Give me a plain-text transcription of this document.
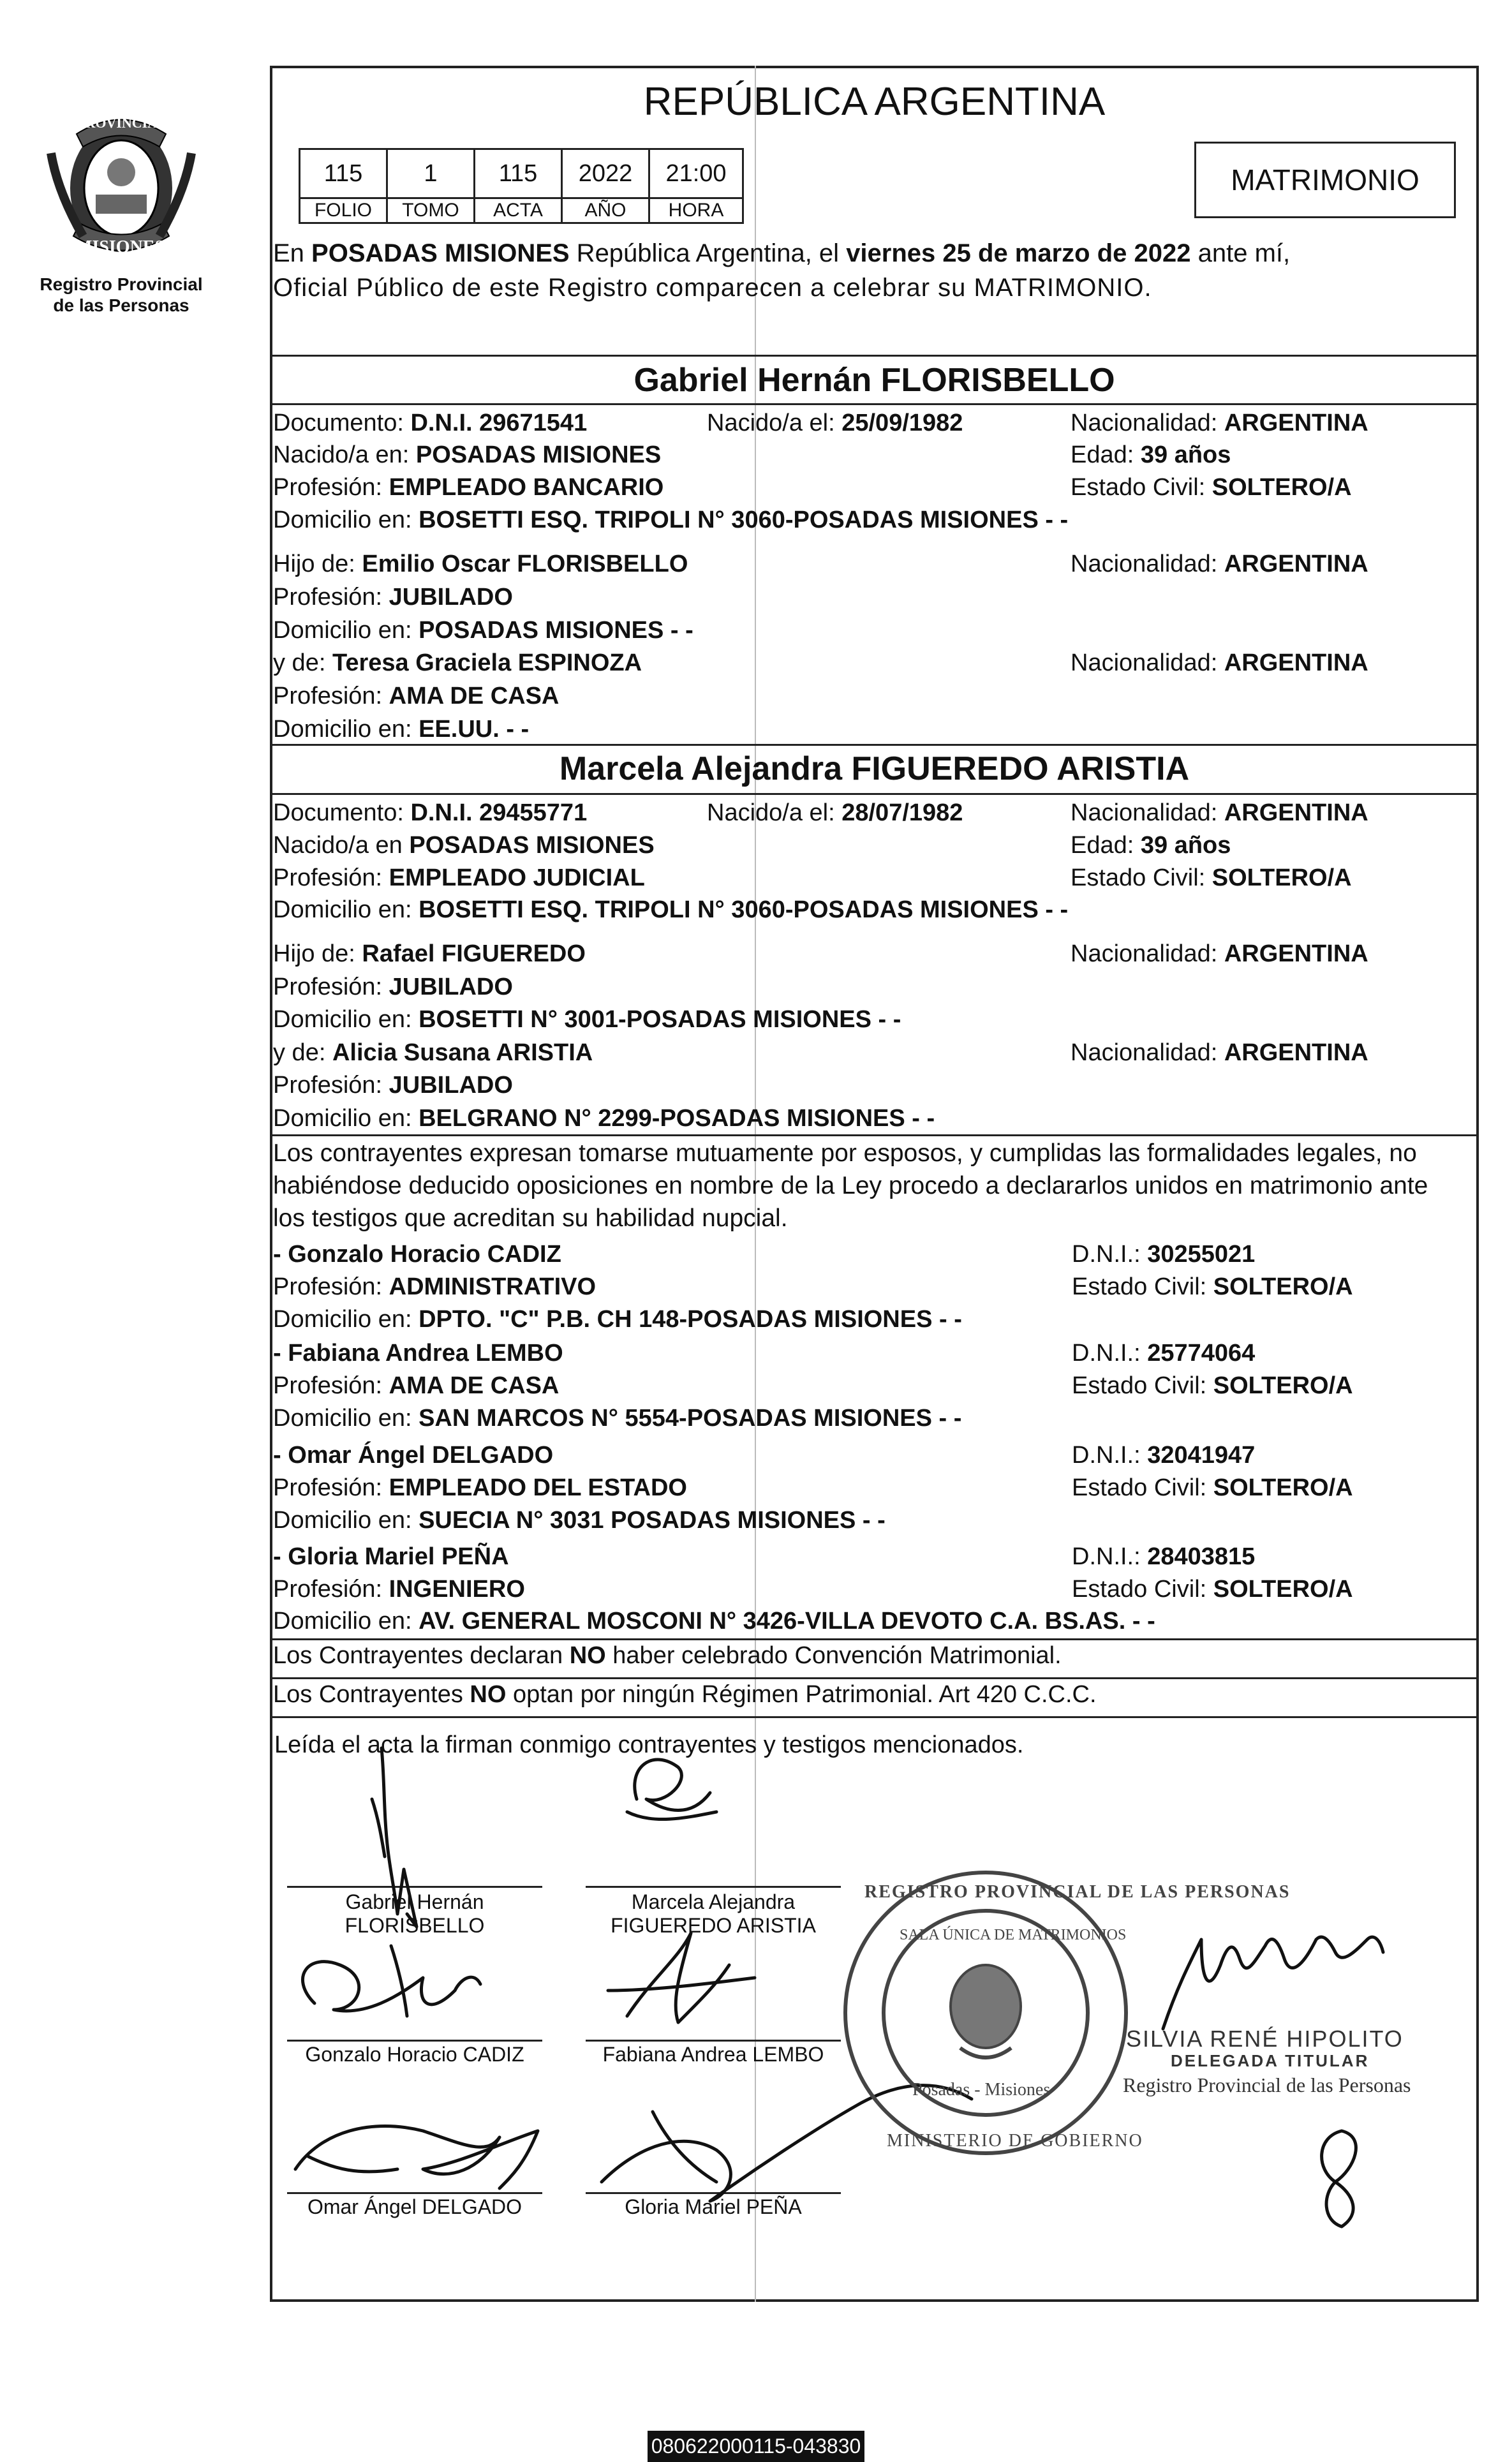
PROVINCIA DE
MISIONES
Registro Provincial
de las Personas
REPÚBLICA ARGENTINA
MATRIMONIO
115	1	115	2022	21:00
FOLIO	TOMO	ACTA	AÑO	HORA
En POSADAS MISIONES República Argentina, el viernes 25 de marzo de 2022 ante mí,
Oficial Público de este Registro comparecen a celebrar su MATRIMONIO.
Gabriel Hernán FLORISBELLO
Documento: D.N.I. 29671541	Nacido/a el: 25/09/1982	Nacionalidad: ARGENTINA
Nacido/a en: POSADAS MISIONES	Edad: 39 años
Profesión: EMPLEADO BANCARIO	Estado Civil: SOLTERO/A
Domicilio en: BOSETTI ESQ. TRIPOLI N° 3060-POSADAS MISIONES - -
Hijo de: Emilio Oscar FLORISBELLO	Nacionalidad: ARGENTINA
Profesión: JUBILADO
Domicilio en: POSADAS MISIONES - -
y de: Teresa Graciela ESPINOZA	Nacionalidad: ARGENTINA
Profesión: AMA DE CASA
Domicilio en: EE.UU. - -
Marcela Alejandra FIGUEREDO ARISTIA
Documento: D.N.I. 29455771	Nacido/a el: 28/07/1982	Nacionalidad: ARGENTINA
Nacido/a en POSADAS MISIONES	Edad: 39 años
Profesión: EMPLEADO JUDICIAL	Estado Civil: SOLTERO/A
Domicilio en: BOSETTI ESQ. TRIPOLI N° 3060-POSADAS MISIONES - -
Hijo de: Rafael FIGUEREDO	Nacionalidad: ARGENTINA
Profesión: JUBILADO
Domicilio en: BOSETTI N° 3001-POSADAS MISIONES - -
y de: Alicia Susana ARISTIA	Nacionalidad: ARGENTINA
Profesión: JUBILADO
Domicilio en: BELGRANO N° 2299-POSADAS MISIONES - -
Los contrayentes expresan tomarse mutuamente por esposos, y cumplidas las formalidades legales, no
habiéndose deducido oposiciones en nombre de la Ley procedo a declararlos unidos en matrimonio ante
los testigos que acreditan su habilidad nupcial.
- Gonzalo Horacio CADIZ	D.N.I.: 30255021
Profesión: ADMINISTRATIVO	Estado Civil: SOLTERO/A
Domicilio en: DPTO. "C" P.B. CH 148-POSADAS MISIONES - -
- Fabiana Andrea LEMBO	D.N.I.: 25774064
Profesión: AMA DE CASA	Estado Civil: SOLTERO/A
Domicilio en: SAN MARCOS N° 5554-POSADAS MISIONES - -
- Omar Ángel DELGADO	D.N.I.: 32041947
Profesión: EMPLEADO DEL ESTADO	Estado Civil: SOLTERO/A
Domicilio en: SUECIA N° 3031 POSADAS MISIONES - -
- Gloria Mariel PEÑA	D.N.I.: 28403815
Profesión: INGENIERO	Estado Civil: SOLTERO/A
Domicilio en: AV. GENERAL MOSCONI N° 3426-VILLA DEVOTO C.A. BS.AS. - -
Los Contrayentes declaran NO haber celebrado Convención Matrimonial.
Los Contrayentes NO optan por ningún Régimen Patrimonial. Art 420 C.C.C.
Leída el acta la firman conmigo contrayentes y testigos mencionados.
Gabriel Hernán
FLORISBELLO
Marcela Alejandra
FIGUEREDO ARISTIA
Gonzalo Horacio CADIZ	Fabiana Andrea LEMBO
Omar Ángel DELGADO	Gloria Mariel PEÑA
REGISTRO PROVINCIAL DE LAS PERSONAS
SALA ÚNICA DE MATRIMONIOS
Posadas - Misiones
MINISTERIO DE GOBIERNO
SILVIA RENÉ HIPOLITO
DELEGADA TITULAR
Registro Provincial de las Personas
080622000115-043830
